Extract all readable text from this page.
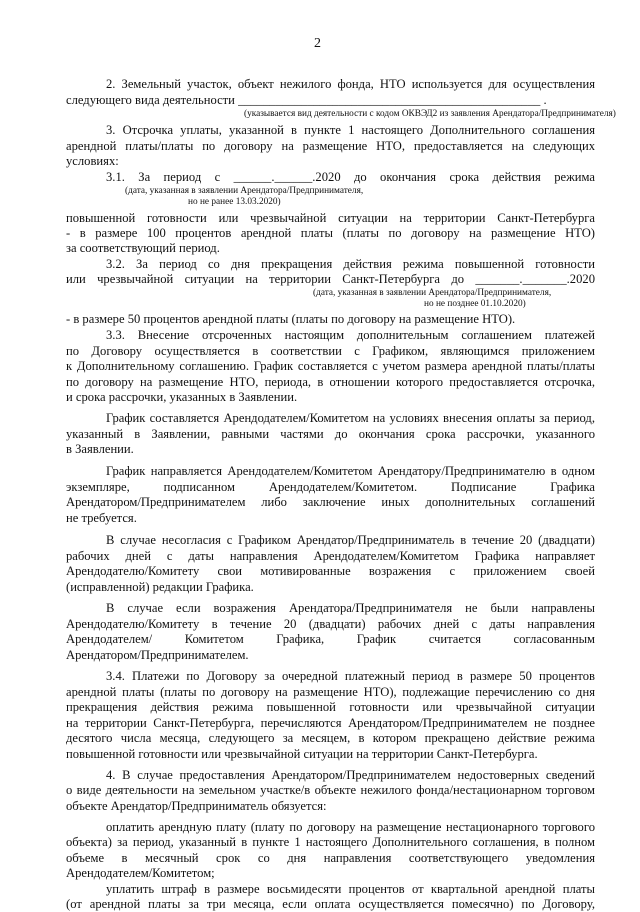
2
2. Земельный участок, объект нежилого фонда, НТО используется для осуществления
следующего вида деятельности ________________________________________________ .
(указывается вид деятельности с кодом ОКВЭД2 из заявления Арендатора/Предпринимателя)
3. Отсрочка уплаты, указанной в пункте 1 настоящего Дополнительного соглашения
арендной платы/платы по договору на размещение НТО, предоставляется на следующих
условиях:
3.1. За период с ______.______.2020 до окончания срока действия режима
(дата, указанная в заявлении Арендатора/Предпринимателя,
но не ранее 13.03.2020)
повышенной готовности или чрезвычайной ситуации на территории Санкт-Петербурга
- в размере 100 процентов арендной платы (платы по договору на размещение НТО)
за соответствующий период.
3.2. За период со дня прекращения действия режима повышенной готовности
или чрезвычайной ситуации на территории Санкт-Петербурга до _______._______.2020
(дата, указанная в заявлении Арендатора/Предпринимателя,
но не позднее 01.10.2020)
- в размере 50 процентов арендной платы (платы по договору на размещение НТО).
3.3. Внесение отсроченных настоящим дополнительным соглашением платежей
по Договору осуществляется в соответствии с Графиком, являющимся приложением
к Дополнительному соглашению. График составляется с учетом размера арендной платы/платы
по договору на размещение НТО, периода, в отношении которого предоставляется отсрочка,
и срока рассрочки, указанных в Заявлении.
График составляется Арендодателем/Комитетом на условиях внесения оплаты за период,
указанный в Заявлении, равными частями до окончания срока рассрочки, указанного
в Заявлении.
График направляется Арендодателем/Комитетом Арендатору/Предпринимателю в одном
экземпляре, подписанном Арендодателем/Комитетом. Подписание Графика
Арендатором/Предпринимателем либо заключение иных дополнительных соглашений
не требуется.
В случае несогласия с Графиком Арендатор/Предприниматель в течение 20 (двадцати)
рабочих дней с даты направления Арендодателем/Комитетом Графика направляет
Арендодателю/Комитету свои мотивированные возражения с приложением своей
(исправленной) редакции Графика.
В случае если возражения Арендатора/Предпринимателя не были направлены
Арендодателю/Комитету в течение 20 (двадцати) рабочих дней с даты направления
Арендодателем/ Комитетом Графика, График считается согласованным
Арендатором/Предпринимателем.
3.4. Платежи по Договору за очередной платежный период в размере 50 процентов
арендной платы (платы по договору на размещение НТО), подлежащие перечислению со дня
прекращения действия режима повышенной готовности или чрезвычайной ситуации
на территории Санкт-Петербурга, перечисляются Арендатором/Предпринимателем не позднее
десятого числа месяца, следующего за месяцем, в котором прекращено действие режима
повышенной готовности или чрезвычайной ситуации на территории Санкт-Петербурга.
4. В случае предоставления Арендатором/Предпринимателем недостоверных сведений
о виде деятельности на земельном участке/в объекте нежилого фонда/нестационарном торговом
объекте Арендатор/Предприниматель обязуется:
оплатить арендную плату (плату по договору на размещение нестационарного торгового
объекта) за период, указанный в пункте 1 настоящего Дополнительного соглашения, в полном
объеме в месячный срок со дня направления соответствующего уведомления
Арендодателем/Комитетом;
уплатить штраф в размере восьмидесяти процентов от квартальной арендной платы
(от арендной платы за три месяца, если оплата осуществляется помесячно) по Договору,
